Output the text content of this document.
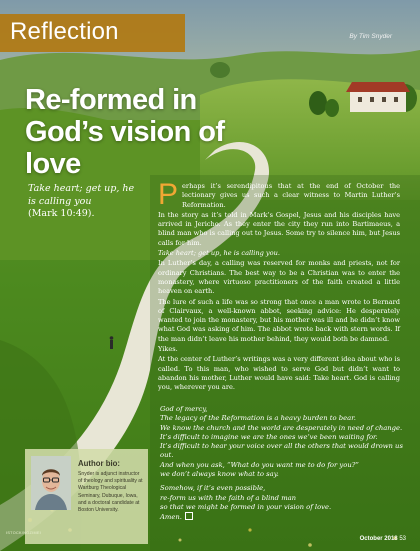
Reflection	By Tim Snyder
Re-formed in God’s vision of love
Take heart; get up, he is calling you
(Mark 10:49).

Perhaps it’s serendipitous that at the end of October the lectionary gives us such a clear witness to Martin Luther’s Reformation.

In the story as it’s told in Mark’s Gospel, Jesus and his disciples have arrived in Jericho. As they enter the city they run into Bartimaeus, a blind man who is calling out to Jesus. Some try to silence him, but Jesus calls for him.

Take heart; get up, he is calling you.

In Luther’s day, a calling was reserved for monks and priests, not for ordinary Christians. The best way to be a Christian was to enter the monastery, where virtuoso practitioners of the faith created a little heaven on earth.

The lure of such a life was so strong that once a man wrote to Bernard of Clairvaux, a well-known abbot, seeking advice: He desperately wanted to join the monastery, but his mother was ill and he didn’t know what God was asking of him. The abbot wrote back with stern words. If the man didn’t leave his mother behind, they would both be damned.

Yikes.

At the center of Luther’s writings was a very different idea about who is called. To this man, who wished to serve God but didn’t want to abandon his mother, Luther would have said: Take heart. God is calling you, wherever you are.

God of mercy,
The legacy of the Reformation is a heavy burden to bear.
We know the church and the world are desperately in need of change.
It’s difficult to imagine we are the ones we’ve been waiting for.
It’s difficult to hear your voice over all the others that would drown us out.
And when you ask, “What do you want me to do for you?”
we don’t always know what to say.

Somehow, if it’s even possible,
re-form us with the faith of a blind man
so that we might be formed in your vision of love.
Amen.

Author bio:
Snyder is adjunct instructor of theology and spirituality at Wartburg Theological Seminary, Dubuque, Iowa, and a doctoral candidate at Boston University.
ISTOCK/NOZIMEI
October 2018 53
